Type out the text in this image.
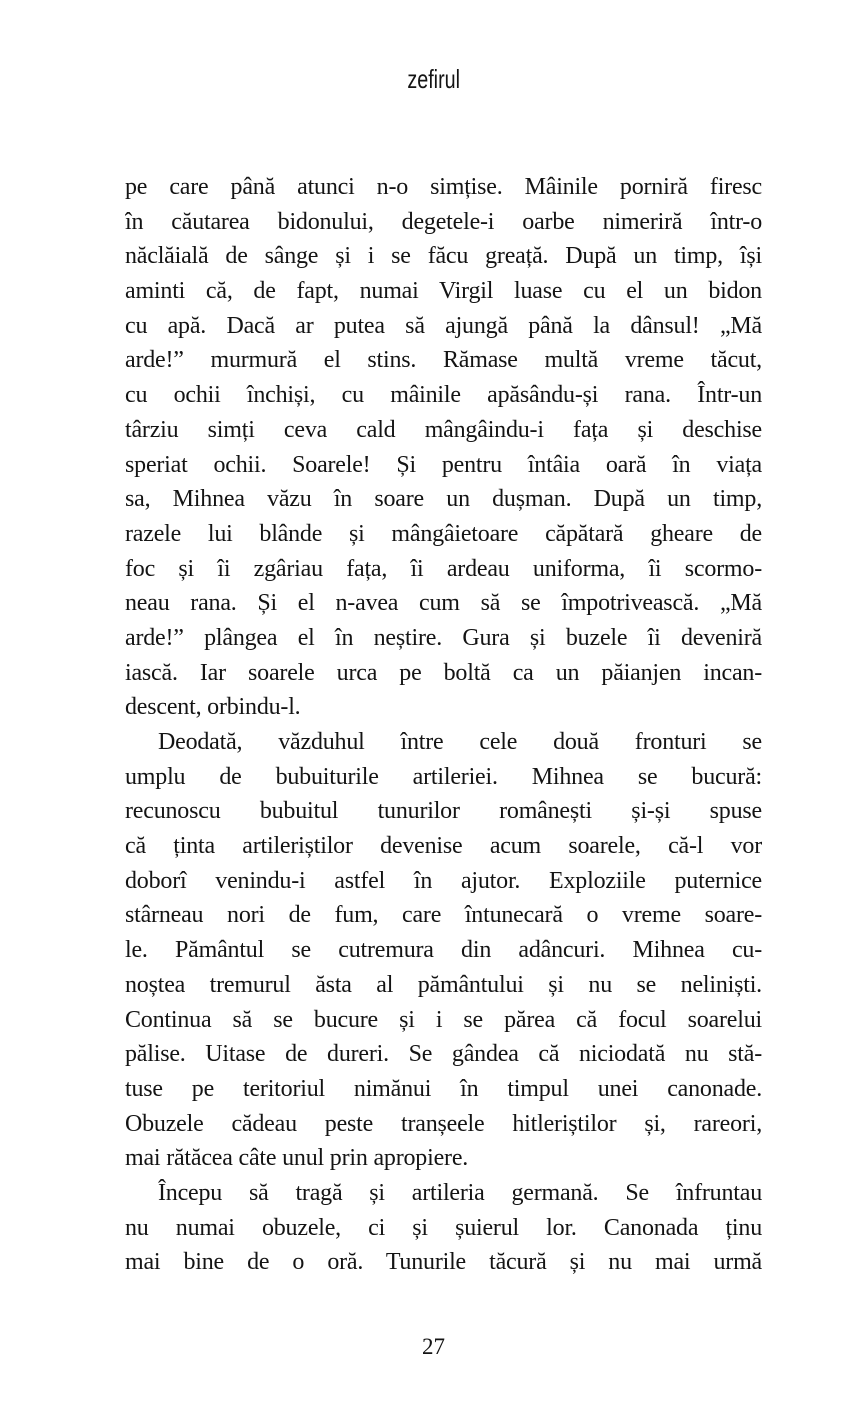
zefirul
pe care până atunci n-o simțise. Mâinile porniră firesc
în căutarea bidonului, degetele-i oarbe nimeriră într-o
năclăială de sânge și i se făcu greață. După un timp, își
aminti că, de fapt, numai Virgil luase cu el un bidon
cu apă. Dacă ar putea să ajungă până la dânsul! „Mă
arde!” murmură el stins. Rămase multă vreme tăcut,
cu ochii închiși, cu mâinile apăsându-și rana. Într-un
târziu simți ceva cald mângâindu-i fața și deschise
speriat ochii. Soarele! Și pentru întâia oară în viața
sa, Mihnea văzu în soare un dușman. După un timp,
razele lui blânde și mângâietoare căpătară gheare de
foc și îi zgâriau fața, îi ardeau uniforma, îi scormo-
neau rana. Și el n-avea cum să se împotrivească. „Mă
arde!” plângea el în neștire. Gura și buzele îi deveniră
iască. Iar soarele urca pe boltă ca un păianjen incan-
descent, orbindu-l.
Deodată, văzduhul între cele două fronturi se
umplu de bubuiturile artileriei. Mihnea se bucură:
recunoscu bubuitul tunurilor românești și-și spuse
că ținta artileriștilor devenise acum soarele, că-l vor
doborî venindu-i astfel în ajutor. Exploziile puternice
stârneau nori de fum, care întunecară o vreme soare-
le. Pământul se cutremura din adâncuri. Mihnea cu-
noștea tremurul ăsta al pământului și nu se neliniști.
Continua să se bucure și i se părea că focul soarelui
pălise. Uitase de dureri. Se gândea că niciodată nu stă-
tuse pe teritoriul nimănui în timpul unei canonade.
Obuzele cădeau peste tranșeele hitleriștilor și, rareori,
mai rătăcea câte unul prin apropiere.
Începu să tragă și artileria germană. Se înfruntau
nu numai obuzele, ci și șuierul lor. Canonada ținu
mai bine de o oră. Tunurile tăcură și nu mai urmă
27
